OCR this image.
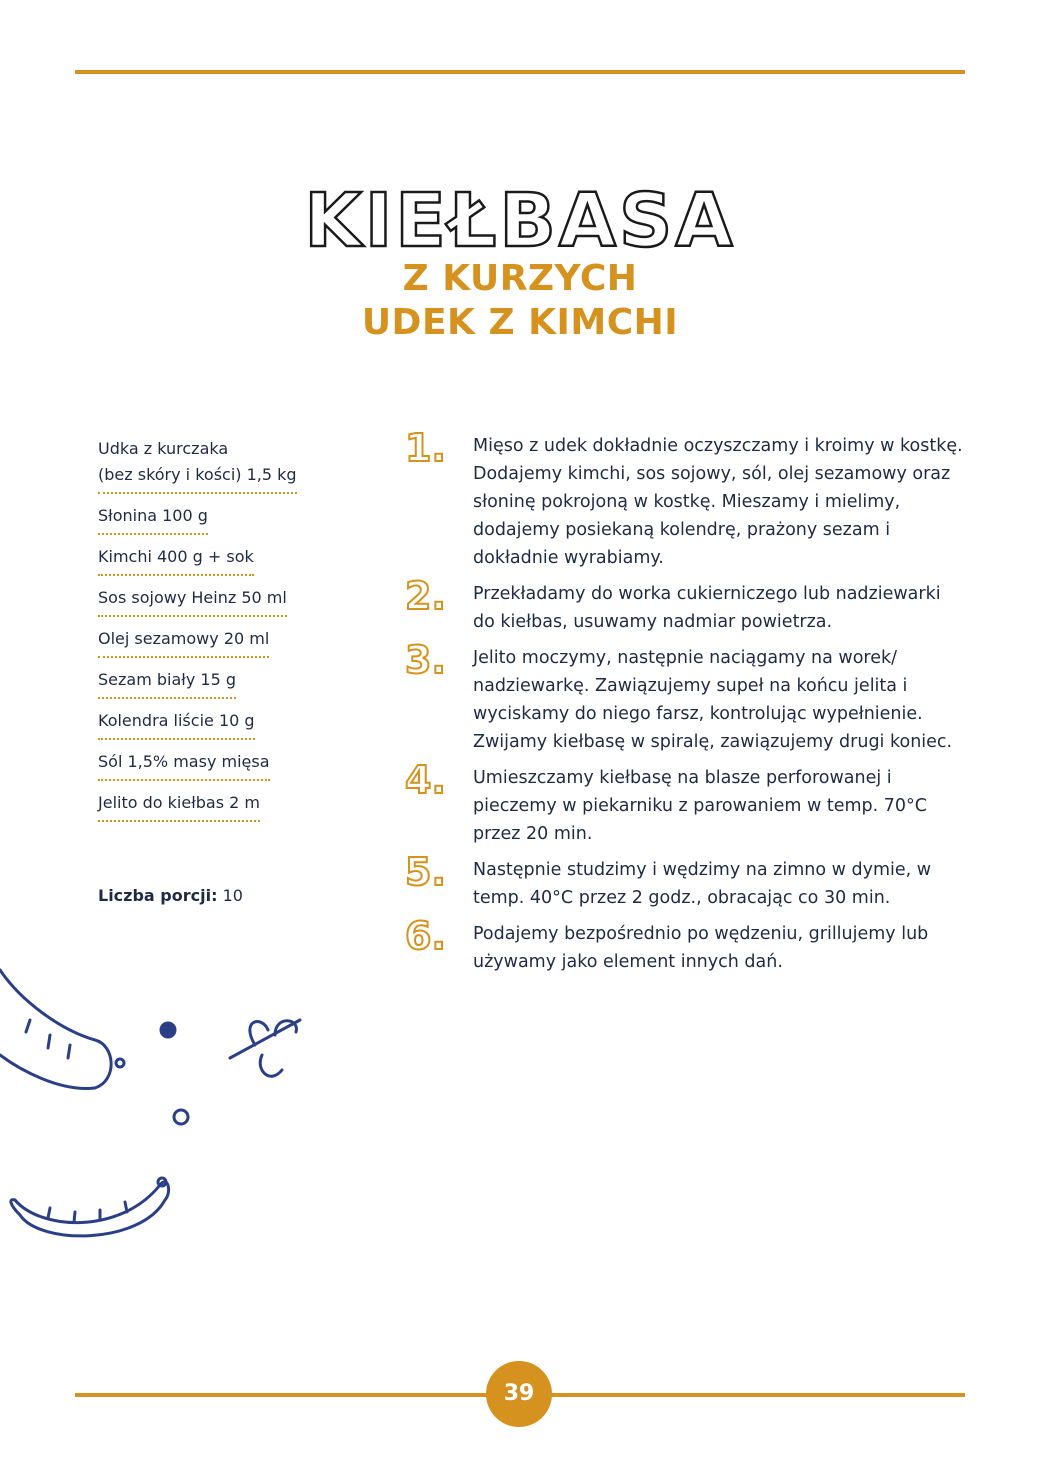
KIEŁBASA
Z KURZYCH
UDEK Z KIMCHI
Udka z kurczaka
(bez skóry i kości) 1,5 kg
Słonina 100 g
Kimchi 400 g + sok
Sos sojowy Heinz 50 ml
Olej sezamowy 20 ml
Sezam biały 15 g
Kolendra liście 10 g
Sól 1,5% masy mięsa
Jelito do kiełbas 2 m
Liczba porcji: 10
1. Mięso z udek dokładnie oczyszczamy i kroimy w kostkę. Dodajemy kimchi, sos sojowy, sól, olej sezamowy oraz słoninę pokrojoną w kostkę. Mieszamy i mielimy, dodajemy posiekaną kolendrę, prażony sezam i dokładnie wyrabiamy.
2. Przekładamy do worka cukierniczego lub nadziewarki do kiełbas, usuwamy nadmiar powietrza.
3. Jelito moczymy, następnie naciągamy na worek/ nadziewarkę. Zawiązujemy supeł na końcu jelita i wyciskamy do niego farsz, kontrolując wypełnienie. Zwijamy kiełbasę w spiralę, zawiązujemy drugi koniec.
4. Umieszczamy kiełbasę na blasze perforowanej i pieczemy w piekarniku z parowaniem w temp. 70°C przez 20 min.
5. Następnie studzimy i wędzimy na zimno w dymie, w temp. 40°C przez 2 godz., obracając co 30 min.
6. Podajemy bezpośrednio po wędzeniu, grillujemy lub używamy jako element innych dań.
39
